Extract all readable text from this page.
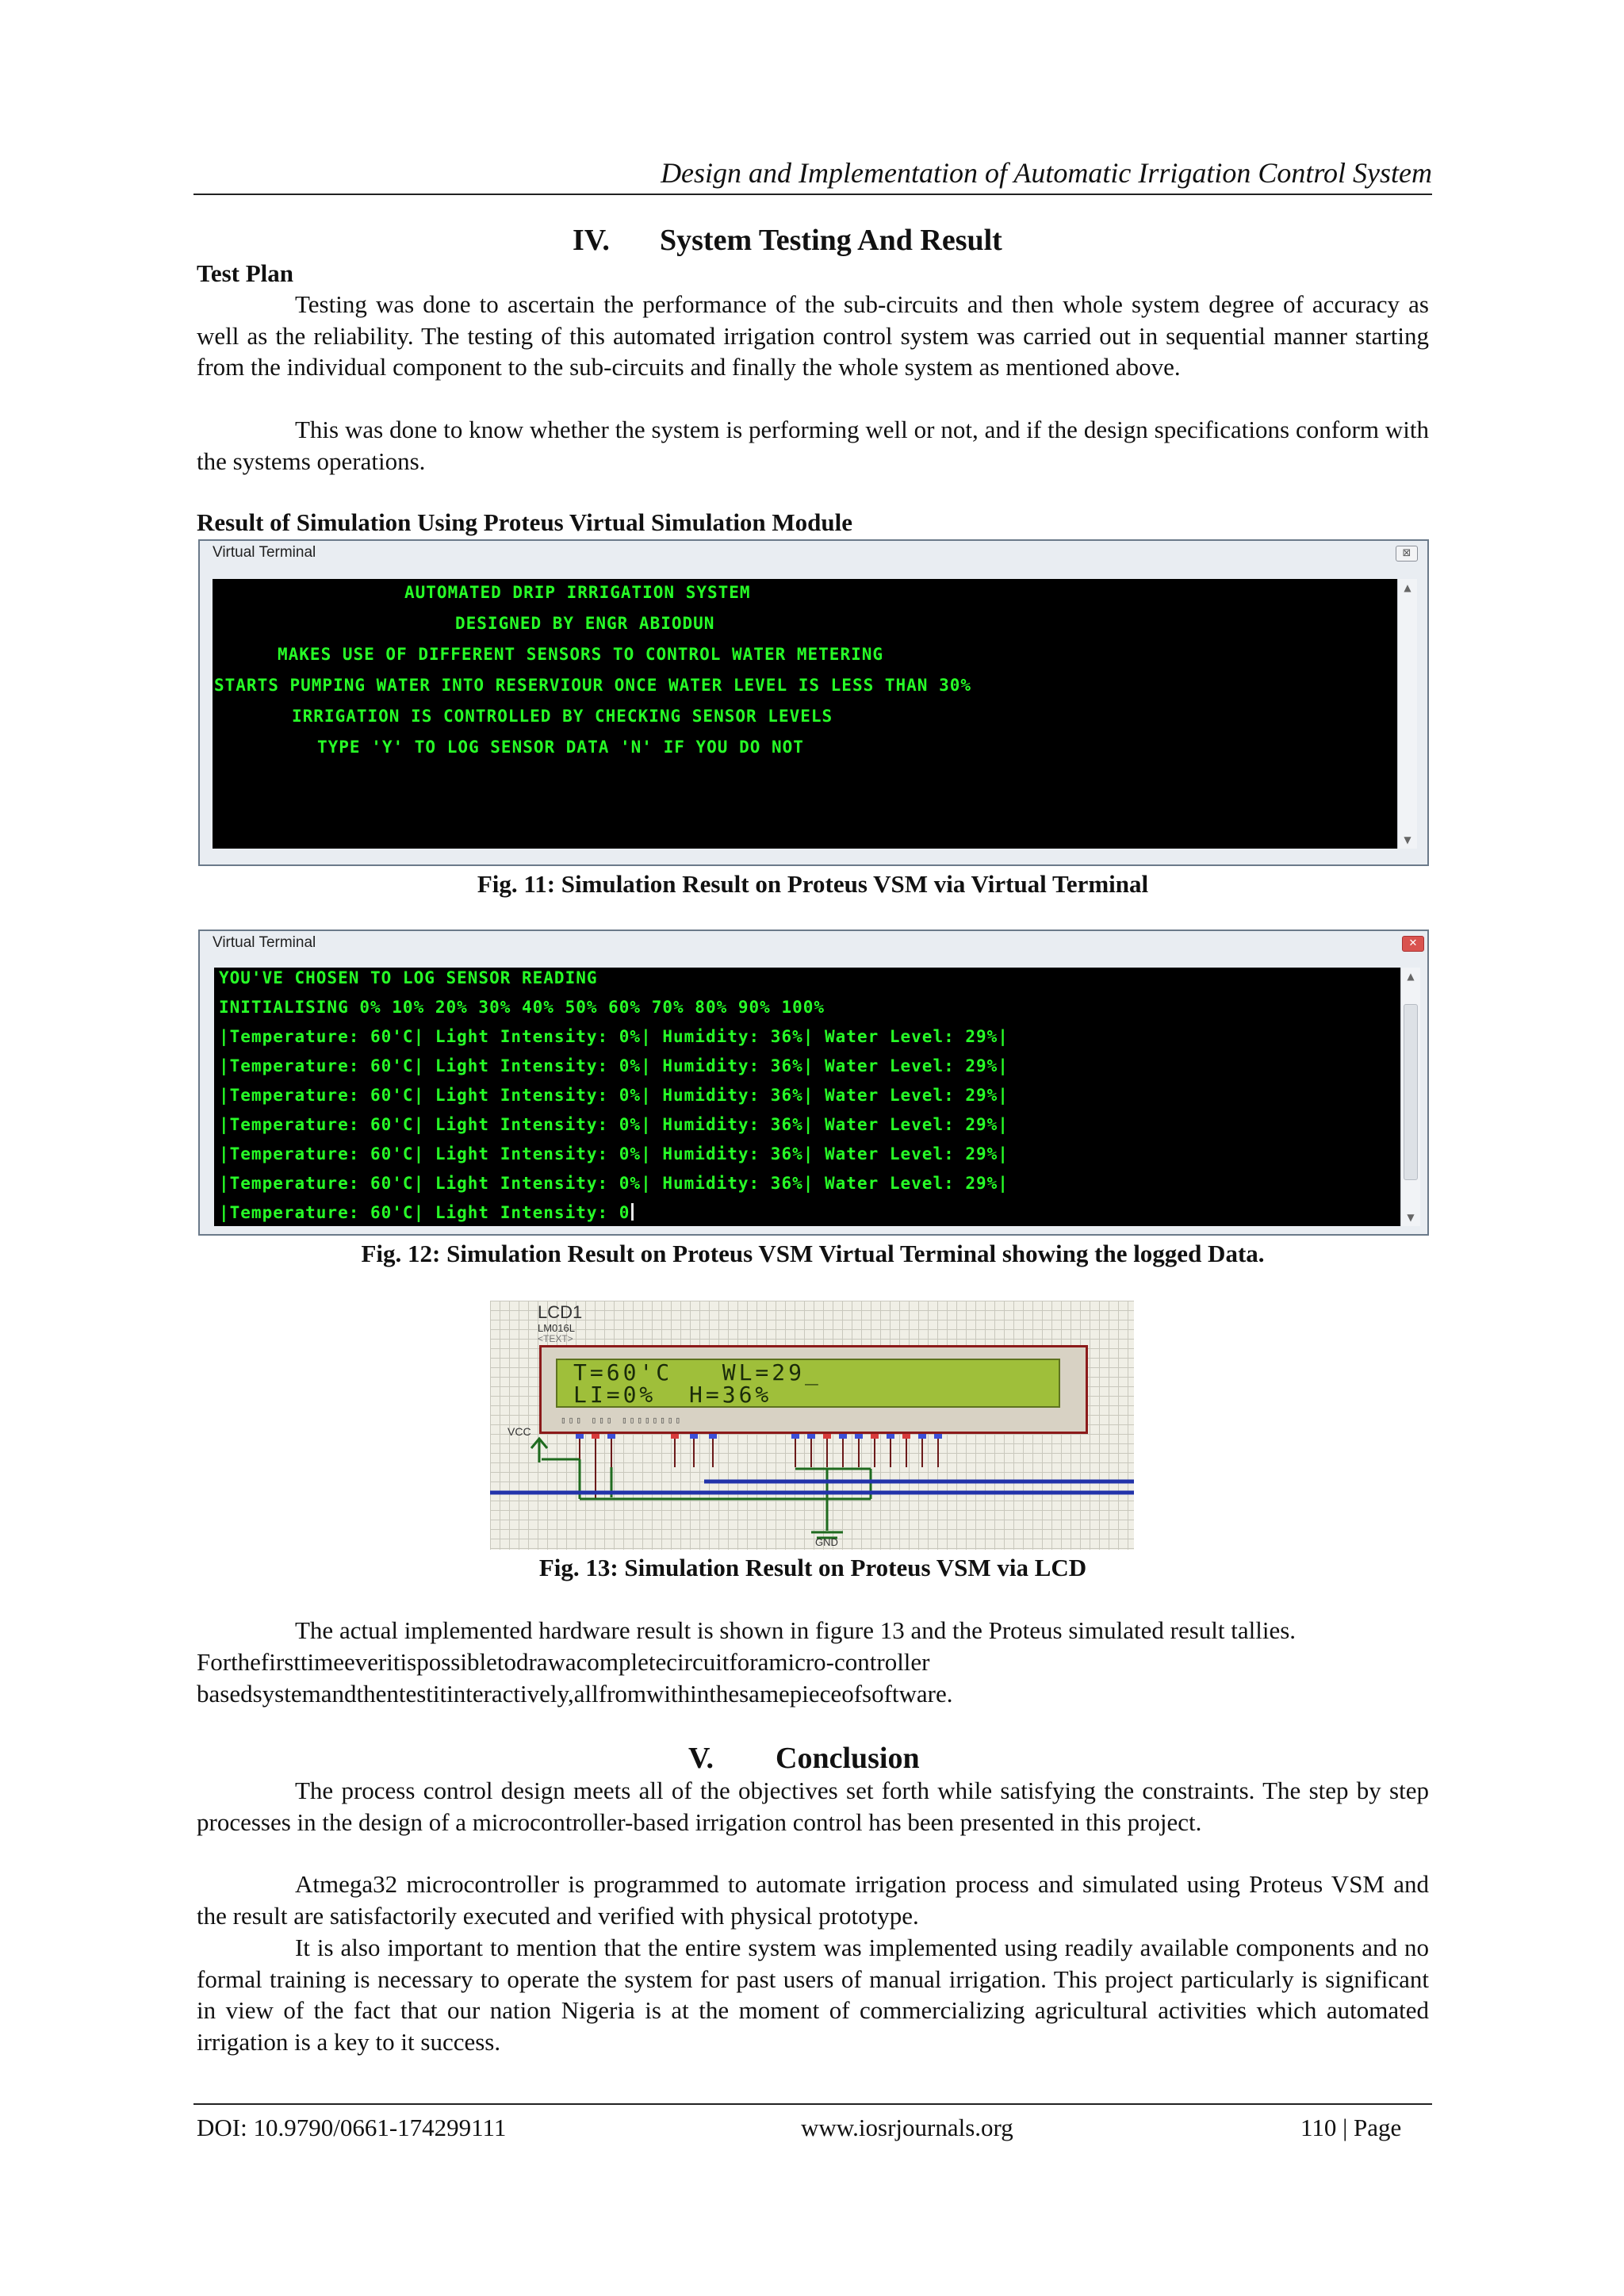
Design and Implementation of Automatic Irrigation Control System
IV. System Testing And Result
Test Plan
Testing was done to ascertain the performance of the sub-circuits and then whole system degree of accuracy as well as the reliability. The testing of this automated irrigation control system was carried out in sequential manner starting from the individual component to the sub-circuits and finally the whole system as mentioned above.
This was done to know whether the system is performing well or not, and if the design specifications conform with the systems operations.
Result of Simulation Using Proteus Virtual Simulation Module
Virtual Terminal	⊠
AUTOMATED DRIP IRRIGATION SYSTEM
DESIGNED BY ENGR ABIODUN
MAKES USE OF DIFFERENT SENSORS TO CONTROL WATER METERING
STARTS PUMPING WATER INTO RESERVIOUR ONCE WATER LEVEL IS LESS THAN 30%
IRRIGATION IS CONTROLLED BY CHECKING SENSOR LEVELS
TYPE 'Y' TO LOG SENSOR DATA 'N' IF YOU DO NOT
▲
▼
Fig. 11: Simulation Result on Proteus VSM via Virtual Terminal
Virtual Terminal	✕
YOU'VE CHOSEN TO LOG SENSOR READING
INITIALISING 0% 10% 20% 30% 40% 50% 60% 70% 80% 90% 100%
|Temperature: 60'C| Light Intensity: 0%| Humidity: 36%| Water Level: 29%|
|Temperature: 60'C| Light Intensity: 0%| Humidity: 36%| Water Level: 29%|
|Temperature: 60'C| Light Intensity: 0%| Humidity: 36%| Water Level: 29%|
|Temperature: 60'C| Light Intensity: 0%| Humidity: 36%| Water Level: 29%|
|Temperature: 60'C| Light Intensity: 0%| Humidity: 36%| Water Level: 29%|
|Temperature: 60'C| Light Intensity: 0%| Humidity: 36%| Water Level: 29%|
|Temperature: 60'C| Light Intensity: 0
▲
▼
Fig. 12: Simulation Result on Proteus VSM Virtual Terminal showing the logged Data.
LCD1
LM016L
<TEXT>
T=60'C   WL=29_
LI=0%  H=36%
▯▯▯ ▯▯▯ ▯▯▯▯▯▯▯▯
VCC
GND
Fig. 13: Simulation Result on Proteus VSM via LCD
The actual implemented hardware result is shown in figure 13 and the Proteus simulated result tallies.
Forthefirsttimeeveritispossibletodrawacompletecircuitforamicro-controller
basedsystemandthentestitinteractively,allfromwithinthesamepieceofsoftware.
V. Conclusion
The process control design meets all of the objectives set forth while satisfying the constraints. The step by step processes in the design of a microcontroller-based irrigation control has been presented in this project.
Atmega32 microcontroller is programmed to automate irrigation process and simulated using Proteus VSM and the result are satisfactorily executed and verified with physical prototype.
It is also important to mention that the entire system was implemented using readily available components and no formal training is necessary to operate the system for past users of manual irrigation. This project particularly is significant in view of the fact that our nation Nigeria is at the moment of commercializing agricultural activities which automated irrigation is a key to it success.
DOI: 10.9790/0661-174299111	www.iosrjournals.org	110 | Page
